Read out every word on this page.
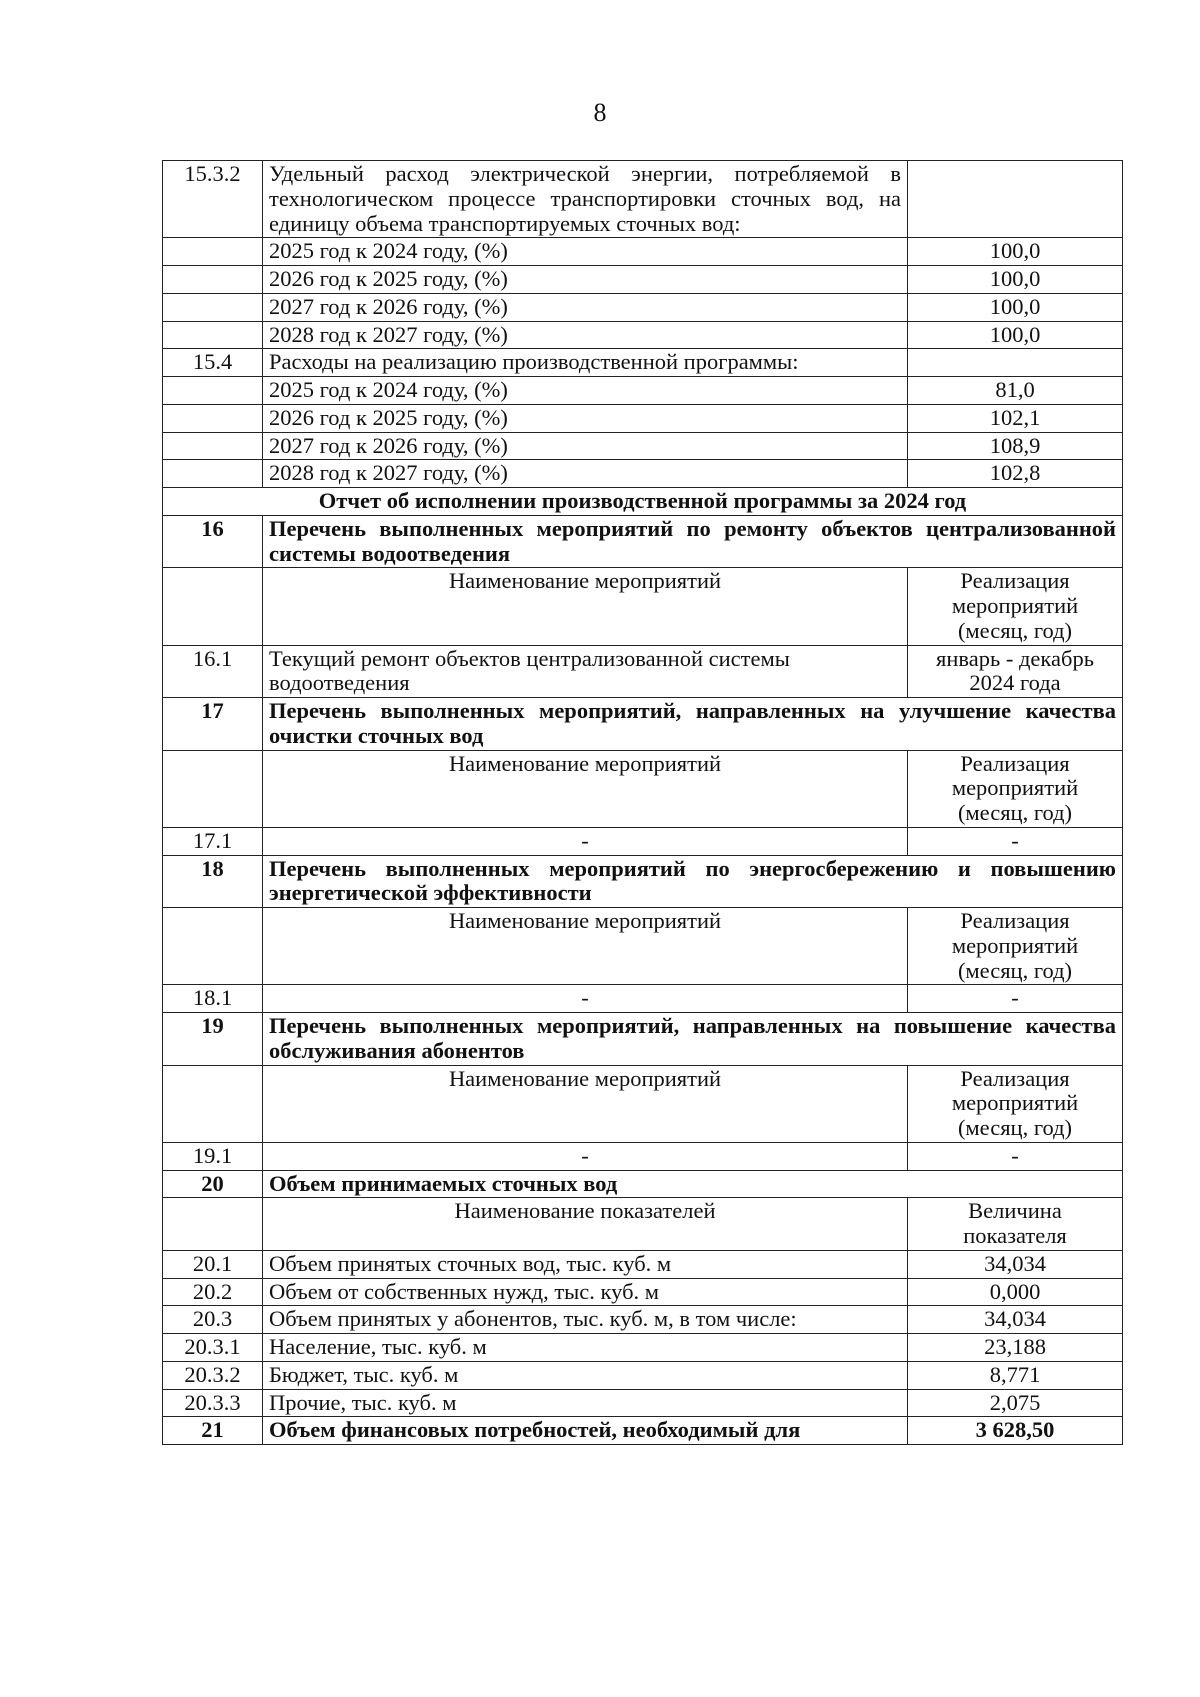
8
15.3.2	Удельный расход электрической энергии, потребляемой в технологическом процессе транспортировки сточных вод, на единицу объема транспортируемых сточных вод:	
	2025 год к 2024 году, (%)	100,0
	2026 год к 2025 году, (%)	100,0
	2027 год к 2026 году, (%)	100,0
	2028 год к 2027 году, (%)	100,0
15.4	Расходы на реализацию производственной программы:	
	2025 год к 2024 году, (%)	81,0
	2026 год к 2025 году, (%)	102,1
	2027 год к 2026 году, (%)	108,9
	2028 год к 2027 году, (%)	102,8
Отчет об исполнении производственной программы за 2024 год		
16	Перечень выполненных мероприятий по ремонту объектов централизованной системы водоотведения	
	Наименование мероприятий	Реализация
мероприятий
(месяц, год)
16.1	Текущий ремонт объектов централизованной системы водоотведения	январь - декабрь
2024 года
17	Перечень выполненных мероприятий, направленных на улучшение качества очистки сточных вод	
	Наименование мероприятий	Реализация
мероприятий
(месяц, год)
17.1	-	-
18	Перечень выполненных мероприятий по энергосбережению и повышению энергетической эффективности	
	Наименование мероприятий	Реализация
мероприятий
(месяц, год)
18.1	-	-
19	Перечень выполненных мероприятий, направленных на повышение качества обслуживания абонентов	
	Наименование мероприятий	Реализация
мероприятий
(месяц, год)
19.1	-	-
20	Объем принимаемых сточных вод	
	Наименование показателей	Величина
показателя
20.1	Объем принятых сточных вод, тыс. куб. м	34,034
20.2	Объем от собственных нужд, тыс. куб. м	0,000
20.3	Объем принятых у абонентов, тыс. куб. м, в том числе:	34,034
20.3.1	Население, тыс. куб. м	23,188
20.3.2	Бюджет, тыс. куб. м	8,771
20.3.3	Прочие, тыс. куб. м	2,075
21	Объем финансовых потребностей, необходимый для	3 628,50
